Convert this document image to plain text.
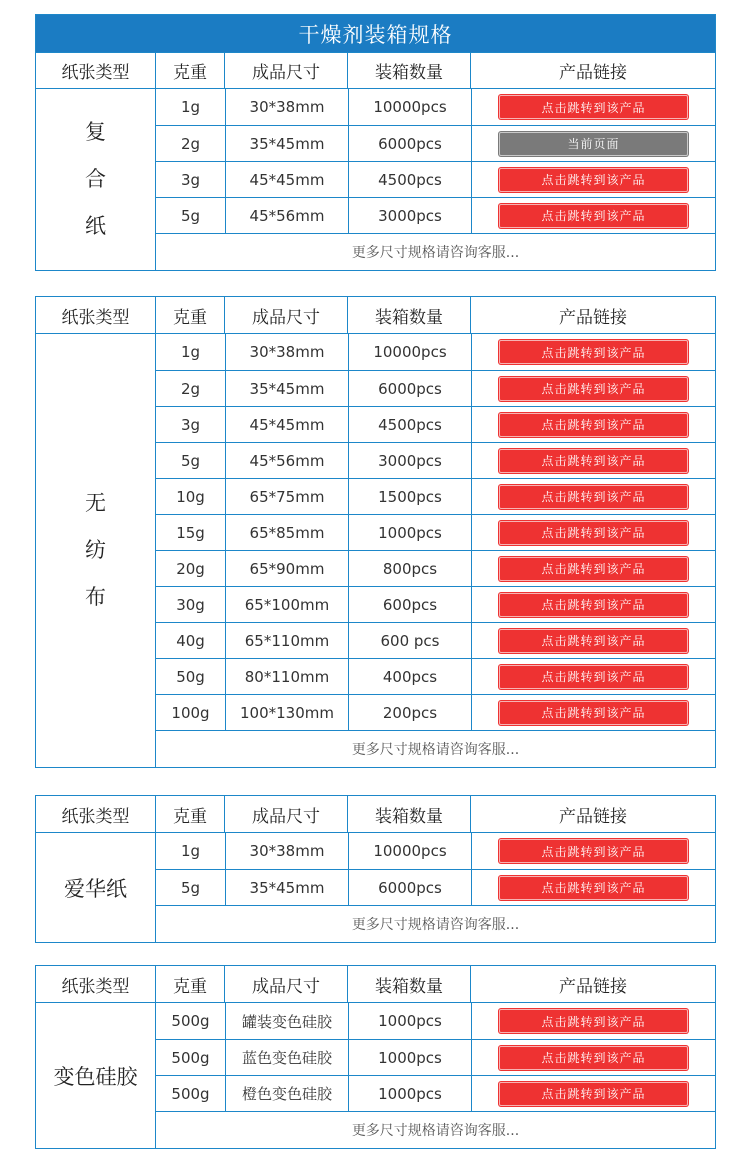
干燥剂装箱规格
纸张类型	克重	成品尺寸	装箱数量	产品链接
复
合
纸
1g	30*38mm	10000pcs	点击跳转到该产品
2g	35*45mm	6000pcs	当前页面
3g	45*45mm	4500pcs	点击跳转到该产品
5g	45*56mm	3000pcs	点击跳转到该产品
更多尺寸规格请咨询客服...
纸张类型	克重	成品尺寸	装箱数量	产品链接
无
纺
布
1g	30*38mm	10000pcs	点击跳转到该产品
2g	35*45mm	6000pcs	点击跳转到该产品
3g	45*45mm	4500pcs	点击跳转到该产品
5g	45*56mm	3000pcs	点击跳转到该产品
10g	65*75mm	1500pcs	点击跳转到该产品
15g	65*85mm	1000pcs	点击跳转到该产品
20g	65*90mm	800pcs	点击跳转到该产品
30g	65*100mm	600pcs	点击跳转到该产品
40g	65*110mm	600 pcs	点击跳转到该产品
50g	80*110mm	400pcs	点击跳转到该产品
100g	100*130mm	200pcs	点击跳转到该产品
更多尺寸规格请咨询客服...
纸张类型	克重	成品尺寸	装箱数量	产品链接
爱华纸
1g	30*38mm	10000pcs	点击跳转到该产品
5g	35*45mm	6000pcs	点击跳转到该产品
更多尺寸规格请咨询客服...
纸张类型	克重	成品尺寸	装箱数量	产品链接
变色硅胶
500g	罐装变色硅胶	1000pcs	点击跳转到该产品
500g	蓝色变色硅胶	1000pcs	点击跳转到该产品
500g	橙色变色硅胶	1000pcs	点击跳转到该产品
更多尺寸规格请咨询客服...
